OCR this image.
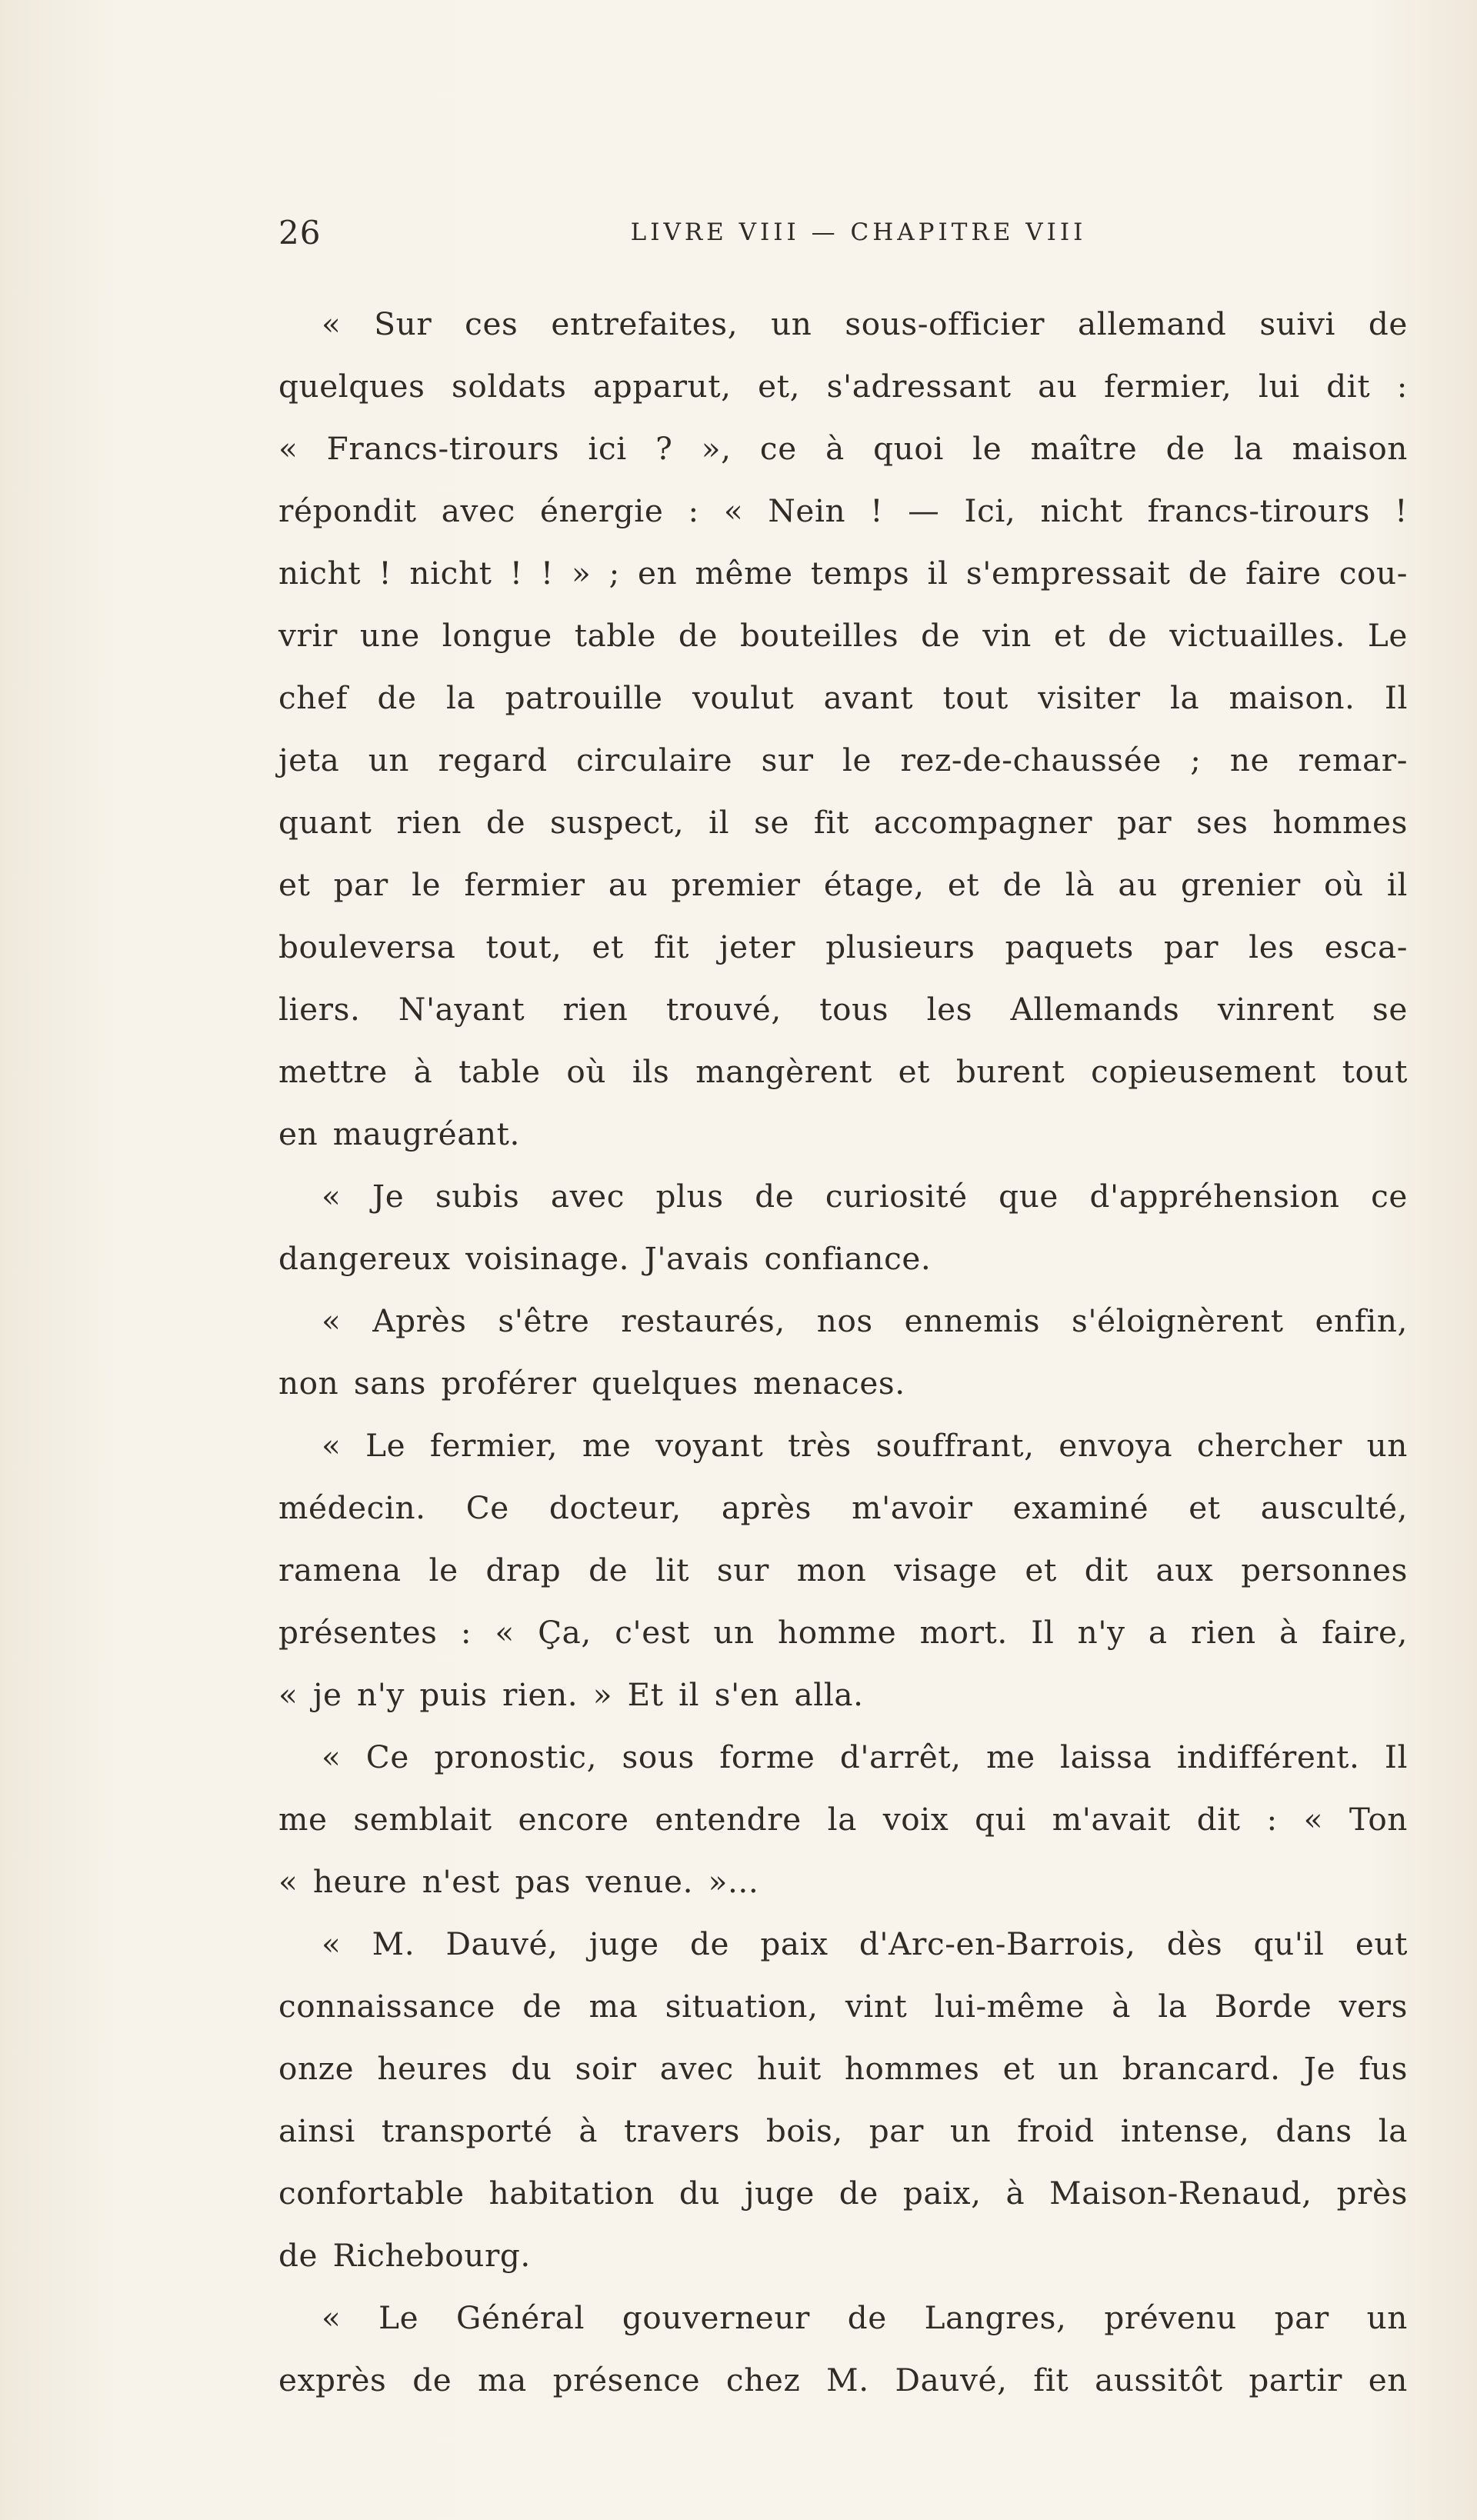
26	LIVRE VIII — CHAPITRE VIII
« Sur ces entrefaites, un sous-officier allemand suivi de
quelques soldats apparut, et, s'adressant au fermier, lui dit :
« Francs-tirours ici ? », ce à quoi le maître de la maison
répondit avec énergie : « Nein ! — Ici, nicht francs-tirours !
nicht ! nicht ! ! » ; en même temps il s'empressait de faire cou-
vrir une longue table de bouteilles de vin et de victuailles. Le
chef de la patrouille voulut avant tout visiter la maison. Il
jeta un regard circulaire sur le rez-de-chaussée ; ne remar-
quant rien de suspect, il se fit accompagner par ses hommes
et par le fermier au premier étage, et de là au grenier où il
bouleversa tout, et fit jeter plusieurs paquets par les esca-
liers. N'ayant rien trouvé, tous les Allemands vinrent se
mettre à table où ils mangèrent et burent copieusement tout
en maugréant.
« Je subis avec plus de curiosité que d'appréhension ce
dangereux voisinage. J'avais confiance.
« Après s'être restaurés, nos ennemis s'éloignèrent enfin,
non sans proférer quelques menaces.
« Le fermier, me voyant très souffrant, envoya chercher un
médecin. Ce docteur, après m'avoir examiné et ausculté,
ramena le drap de lit sur mon visage et dit aux personnes
présentes : « Ça, c'est un homme mort. Il n'y a rien à faire,
« je n'y puis rien. » Et il s'en alla.
« Ce pronostic, sous forme d'arrêt, me laissa indifférent. Il
me semblait encore entendre la voix qui m'avait dit : « Ton
« heure n'est pas venue. »...
« M. Dauvé, juge de paix d'Arc-en-Barrois, dès qu'il eut
connaissance de ma situation, vint lui-même à la Borde vers
onze heures du soir avec huit hommes et un brancard. Je fus
ainsi transporté à travers bois, par un froid intense, dans la
confortable habitation du juge de paix, à Maison-Renaud, près
de Richebourg.
« Le Général gouverneur de Langres, prévenu par un
exprès de ma présence chez M. Dauvé, fit aussitôt partir en
